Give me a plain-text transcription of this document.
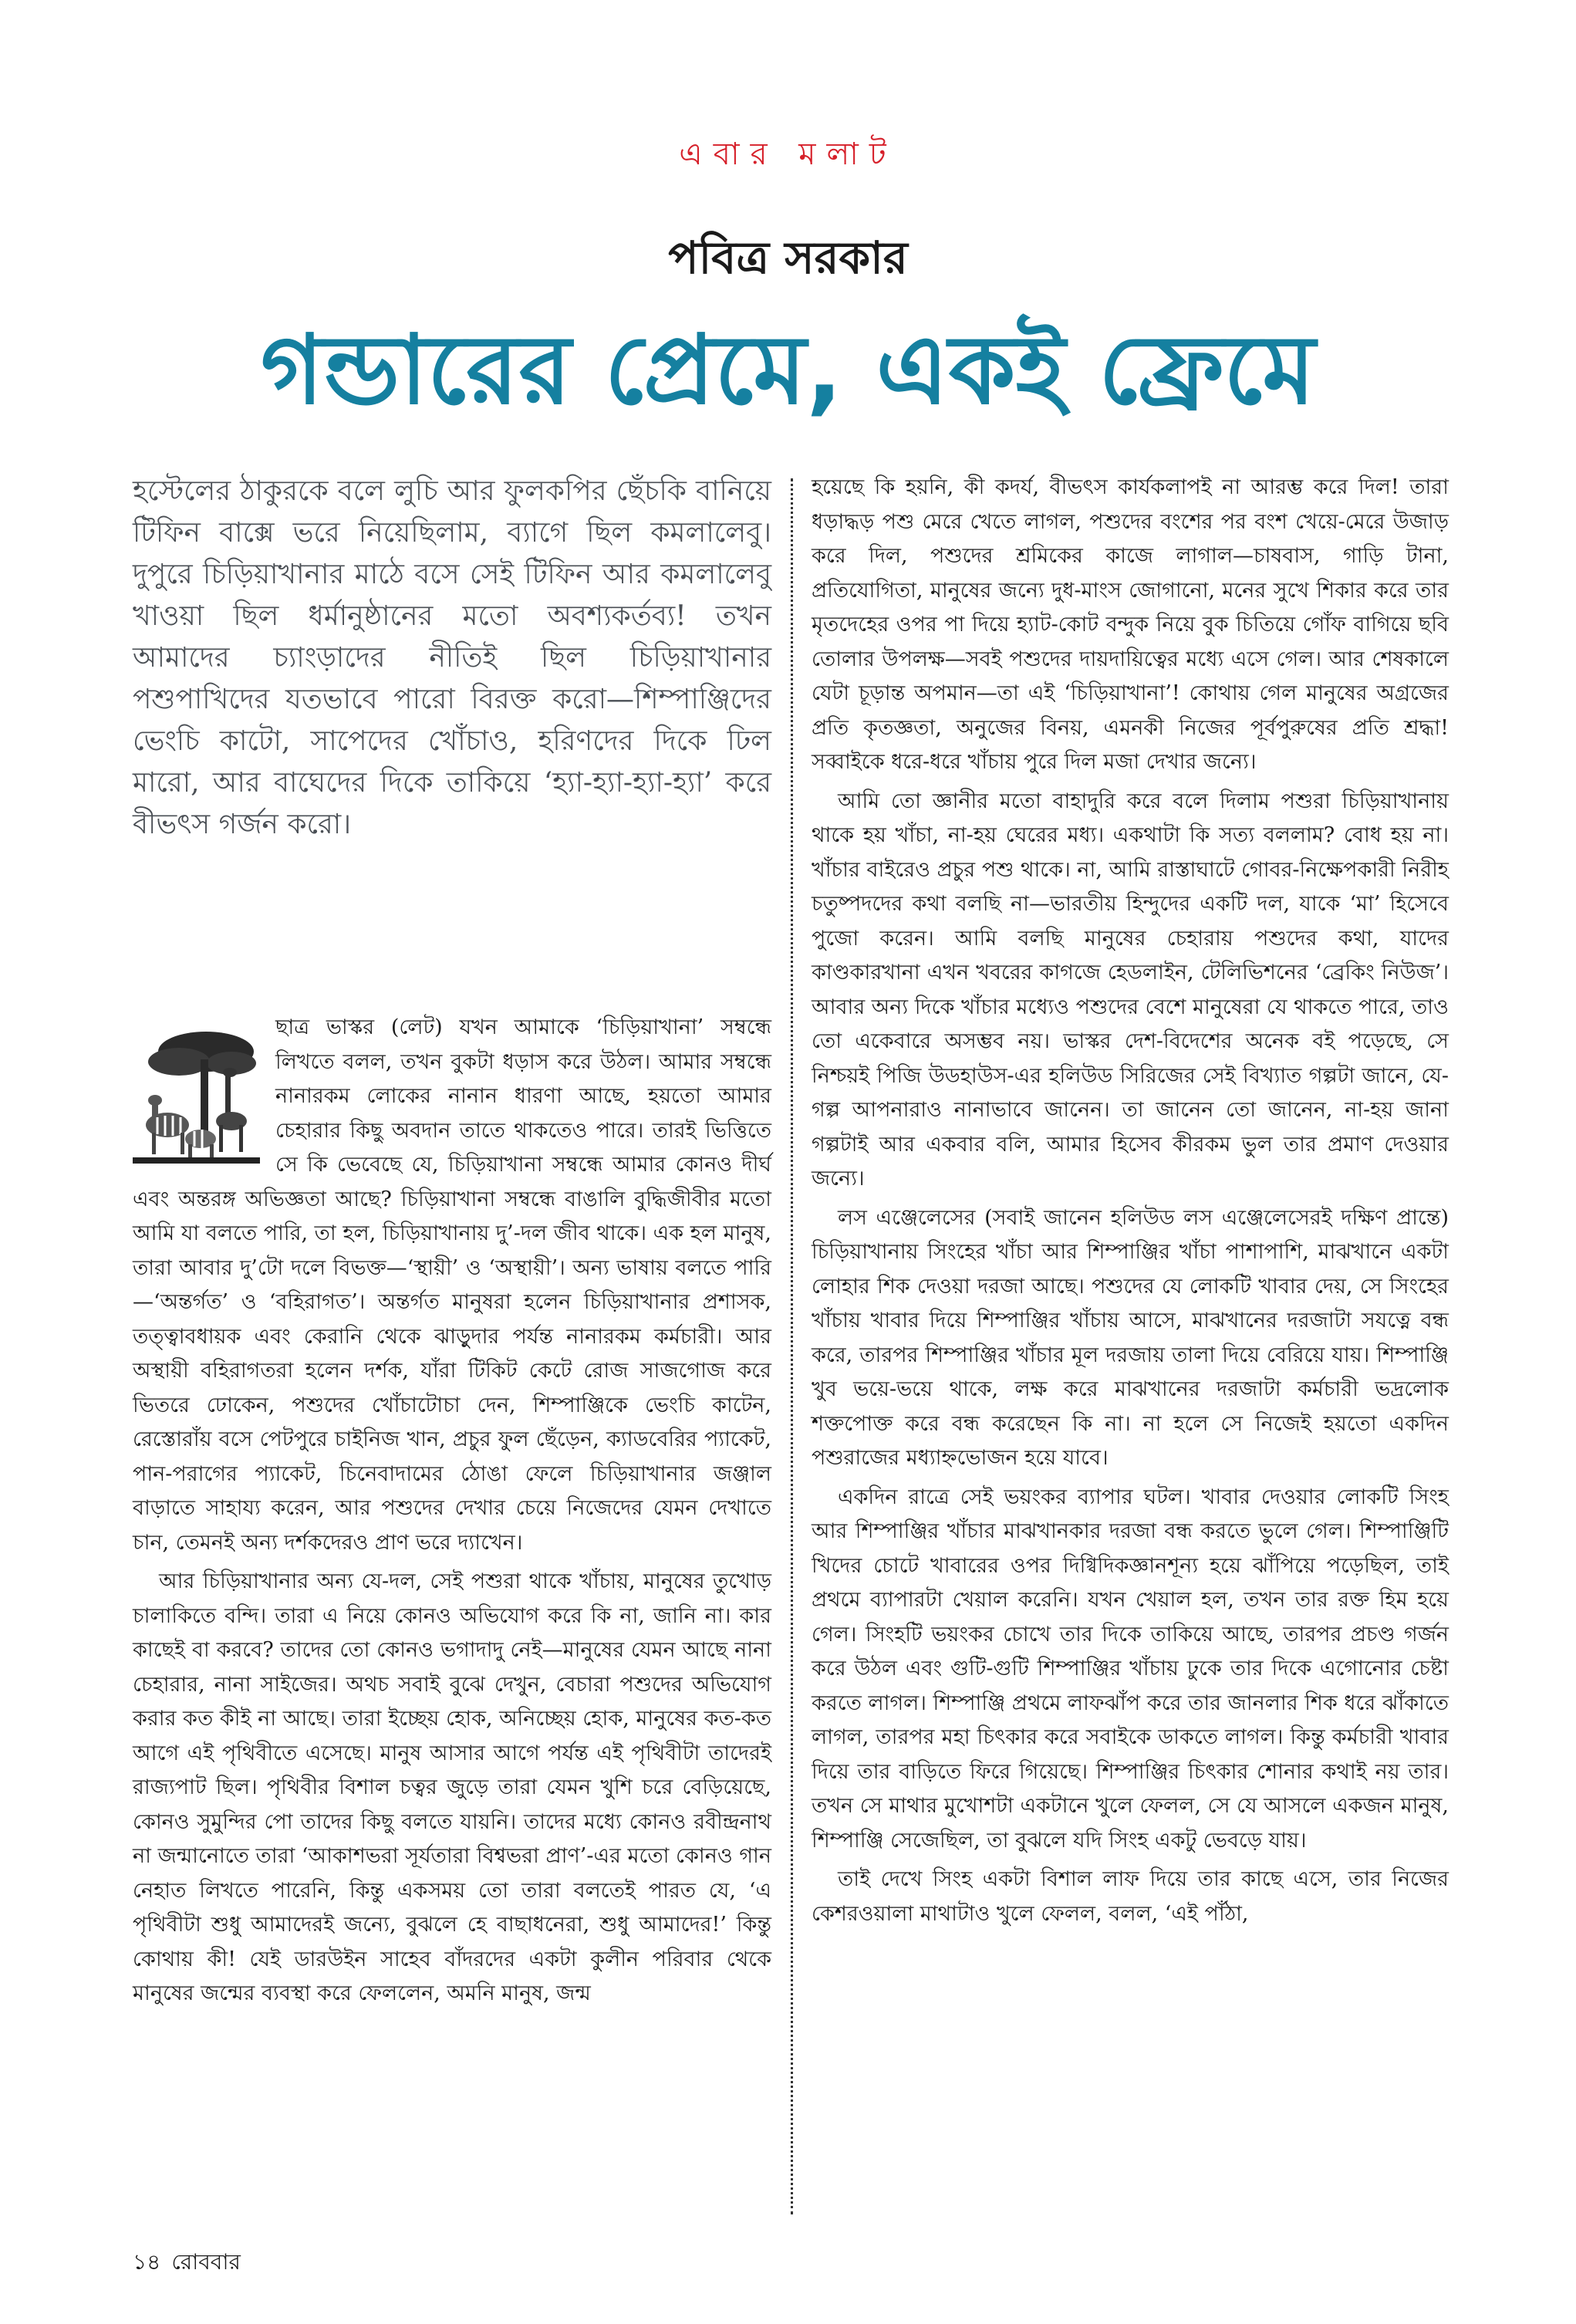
এবার মলাট
পবিত্র সরকার
গন্ডারের প্রেমে, একই ফ্রেমে

হস্টেলের ঠাকুরকে বলে লুচি আর ফুলকপির ছেঁচকি বানিয়ে টিফিন বাক্সে ভরে নিয়েছিলাম, ব্যাগে ছিল কমলালেবু। দুপুরে চিড়িয়াখানার মাঠে বসে সেই টিফিন আর কমলালেবু খাওয়া ছিল ধর্মানুষ্ঠানের মতো অবশ্যকর্তব্য! তখন আমাদের চ্যাংড়াদের নীতিই ছিল চিড়িয়াখানার পশুপাখিদের যতভাবে পারো বিরক্ত করো—শিম্পাঞ্জিদের ভেংচি কাটো, সাপেদের খোঁচাও, হরিণদের দিকে ঢিল মারো, আর বাঘেদের দিকে তাকিয়ে ‘হ্যা-হ্যা-হ্যা-হ্যা’ করে বীভৎস গর্জন করো।

ছাত্র ভাস্কর (লেট) যখন আমাকে ‘চিড়িয়াখানা’ সম্বন্ধে লিখতে বলল, তখন বুকটা ধড়াস করে উঠল। আমার সম্বন্ধে নানারকম লোকের নানান ধারণা আছে, হয়তো আমার চেহারার কিছু অবদান তাতে থাকতেও পারে। তারই ভিত্তিতে সে কি ভেবেছে যে, চিড়িয়াখানা সম্বন্ধে আমার কোনও দীর্ঘ এবং অন্তরঙ্গ অভিজ্ঞতা আছে? চিড়িয়াখানা সম্বন্ধে বাঙালি বুদ্ধিজীবীর মতো আমি যা বলতে পারি, তা হল, চিড়িয়াখানায় দু’-দল জীব থাকে। এক হল মানুষ, তারা আবার দু’টো দলে বিভক্ত—‘স্থায়ী’ ও ‘অস্থায়ী’। অন্য ভাষায় বলতে পারি—‘অন্তর্গত’ ও ‘বহিরাগত’। অন্তর্গত মানুষরা হলেন চিড়িয়াখানার প্রশাসক, তত্ত্বাবধায়ক এবং কেরানি থেকে ঝাড়ুদার পর্যন্ত নানারকম কর্মচারী। আর অস্থায়ী বহিরাগতরা হলেন দর্শক, যাঁরা টিকিট কেটে রোজ সাজগোজ করে ভিতরে ঢোকেন, পশুদের খোঁচাটোচা দেন, শিম্পাঞ্জিকে ভেংচি কাটেন, রেস্তোরাঁয় বসে পেটপুরে চাইনিজ খান, প্রচুর ফুল ছেঁড়েন, ক্যাডবেরির প্যাকেট, পান-পরাগের প্যাকেট, চিনেবাদামের ঠোঙা ফেলে চিড়িয়াখানার জঞ্জাল বাড়াতে সাহায্য করেন, আর পশুদের দেখার চেয়ে নিজেদের যেমন দেখাতে চান, তেমনই অন্য দর্শকদেরও প্রাণ ভরে দ্যাখেন।

আর চিড়িয়াখানার অন্য যে-দল, সেই পশুরা থাকে খাঁচায়, মানুষের তুখোড় চালাকিতে বন্দি। তারা এ নিয়ে কোনও অভিযোগ করে কি না, জানি না। কার কাছেই বা করবে? তাদের তো কোনও ভগাদাদু নেই—মানুষের যেমন আছে নানা চেহারার, নানা সাইজের। অথচ সবাই বুঝে দেখুন, বেচারা পশুদের অভিযোগ করার কত কীই না আছে। তারা ইচ্ছেয় হোক, অনিচ্ছেয় হোক, মানুষের কত-কত আগে এই পৃথিবীতে এসেছে। মানুষ আসার আগে পর্যন্ত এই পৃথিবীটা তাদেরই রাজ্যপাট ছিল। পৃথিবীর বিশাল চত্বর জুড়ে তারা যেমন খুশি চরে বেড়িয়েছে, কোনও সুমুন্দির পো তাদের কিছু বলতে যায়নি। তাদের মধ্যে কোনও রবীন্দ্রনাথ না জন্মানোতে তারা ‘আকাশভরা সূর্যতারা বিশ্বভরা প্রাণ’-এর মতো কোনও গান নেহাত লিখতে পারেনি, কিন্তু একসময় তো তারা বলতেই পারত যে, ‘এ পৃথিবীটা শুধু আমাদেরই জন্যে, বুঝলে হে বাছাধনেরা, শুধু আমাদের!’ কিন্তু কোথায় কী! যেই ডারউইন সাহেব বাঁদরদের একটা কুলীন পরিবার থেকে মানুষের জন্মের ব্যবস্থা করে ফেললেন, অমনি মানুষ, জন্ম

হয়েছে কি হয়নি, কী কদর্য, বীভৎস কার্যকলাপই না আরম্ভ করে দিল! তারা ধড়াদ্ধড় পশু মেরে খেতে লাগল, পশুদের বংশের পর বংশ খেয়ে-মেরে উজাড় করে দিল, পশুদের শ্রমিকের কাজে লাগাল—চাষবাস, গাড়ি টানা, প্রতিযোগিতা, মানুষের জন্যে দুধ-মাংস জোগানো, মনের সুখে শিকার করে তার মৃতদেহের ওপর পা দিয়ে হ্যাট-কোট বন্দুক নিয়ে বুক চিতিয়ে গোঁফ বাগিয়ে ছবি তোলার উপলক্ষ—সবই পশুদের দায়দায়িত্বের মধ্যে এসে গেল। আর শেষকালে যেটা চূড়ান্ত অপমান—তা এই ‘চিড়িয়াখানা’! কোথায় গেল মানুষের অগ্রজের প্রতি কৃতজ্ঞতা, অনুজের বিনয়, এমনকী নিজের পূর্বপুরুষের প্রতি শ্রদ্ধা! সব্বাইকে ধরে-ধরে খাঁচায় পুরে দিল মজা দেখার জন্যে।

আমি তো জ্ঞানীর মতো বাহাদুরি করে বলে দিলাম পশুরা চিড়িয়াখানায় থাকে হয় খাঁচা, না-হয় ঘেরের মধ্য। একথাটা কি সত্য বললাম? বোধ হয় না। খাঁচার বাইরেও প্রচুর পশু থাকে। না, আমি রাস্তাঘাটে গোবর-নিক্ষেপকারী নিরীহ চতুষ্পদদের কথা বলছি না—ভারতীয় হিন্দুদের একটি দল, যাকে ‘মা’ হিসেবে পুজো করেন। আমি বলছি মানুষের চেহারায় পশুদের কথা, যাদের কাণ্ডকারখানা এখন খবরের কাগজে হেডলাইন, টেলিভিশনের ‘ব্রেকিং নিউজ’। আবার অন্য দিকে খাঁচার মধ্যেও পশুদের বেশে মানুষেরা যে থাকতে পারে, তাও তো একেবারে অসম্ভব নয়। ভাস্কর দেশ-বিদেশের অনেক বই পড়েছে, সে নিশ্চয়ই পিজি উডহাউস-এর হলিউড সিরিজের সেই বিখ্যাত গল্পটা জানে, যে-গল্প আপনারাও নানাভাবে জানেন। তা জানেন তো জানেন, না-হয় জানা গল্পটাই আর একবার বলি, আমার হিসেব কীরকম ভুল তার প্রমাণ দেওয়ার জন্যে।

লস এঞ্জেলেসের (সবাই জানেন হলিউড লস এঞ্জেলেসেরই দক্ষিণ প্রান্তে) চিড়িয়াখানায় সিংহের খাঁচা আর শিম্পাঞ্জির খাঁচা পাশাপাশি, মাঝখানে একটা লোহার শিক দেওয়া দরজা আছে। পশুদের যে লোকটি খাবার দেয়, সে সিংহের খাঁচায় খাবার দিয়ে শিম্পাঞ্জির খাঁচায় আসে, মাঝখানের দরজাটা সযত্নে বন্ধ করে, তারপর শিম্পাঞ্জির খাঁচার মূল দরজায় তালা দিয়ে বেরিয়ে যায়। শিম্পাঞ্জি খুব ভয়ে-ভয়ে থাকে, লক্ষ করে মাঝখানের দরজাটা কর্মচারী ভদ্রলোক শক্তপোক্ত করে বন্ধ করেছেন কি না। না হলে সে নিজেই হয়তো একদিন পশুরাজের মধ্যাহ্নভোজন হয়ে যাবে।

একদিন রাত্রে সেই ভয়ংকর ব্যাপার ঘটল। খাবার দেওয়ার লোকটি সিংহ আর শিম্পাঞ্জির খাঁচার মাঝখানকার দরজা বন্ধ করতে ভুলে গেল। শিম্পাঞ্জিটি খিদের চোটে খাবারের ওপর দিগ্বিদিকজ্ঞানশূন্য হয়ে ঝাঁপিয়ে পড়েছিল, তাই প্রথমে ব্যাপারটা খেয়াল করেনি। যখন খেয়াল হল, তখন তার রক্ত হিম হয়ে গেল। সিংহটি ভয়ংকর চোখে তার দিকে তাকিয়ে আছে, তারপর প্রচণ্ড গর্জন করে উঠল এবং গুটি-গুটি শিম্পাঞ্জির খাঁচায় ঢুকে তার দিকে এগোনোর চেষ্টা করতে লাগল। শিম্পাঞ্জি প্রথমে লাফঝাঁপ করে তার জানলার শিক ধরে ঝাঁকাতে লাগল, তারপর মহা চিৎকার করে সবাইকে ডাকতে লাগল। কিন্তু কর্মচারী খাবার দিয়ে তার বাড়িতে ফিরে গিয়েছে। শিম্পাঞ্জির চিৎকার শোনার কথাই নয় তার। তখন সে মাথার মুখোশটা একটানে খুলে ফেলল, সে যে আসলে একজন মানুষ, শিম্পাঞ্জি সেজেছিল, তা বুঝলে যদি সিংহ একটু ভেবড়ে যায়।

তাই দেখে সিংহ একটা বিশাল লাফ দিয়ে তার কাছে এসে, তার নিজের কেশরওয়ালা মাথাটাও খুলে ফেলল, বলল, ‘এই পাঁঠা,

১৪ রোববার
